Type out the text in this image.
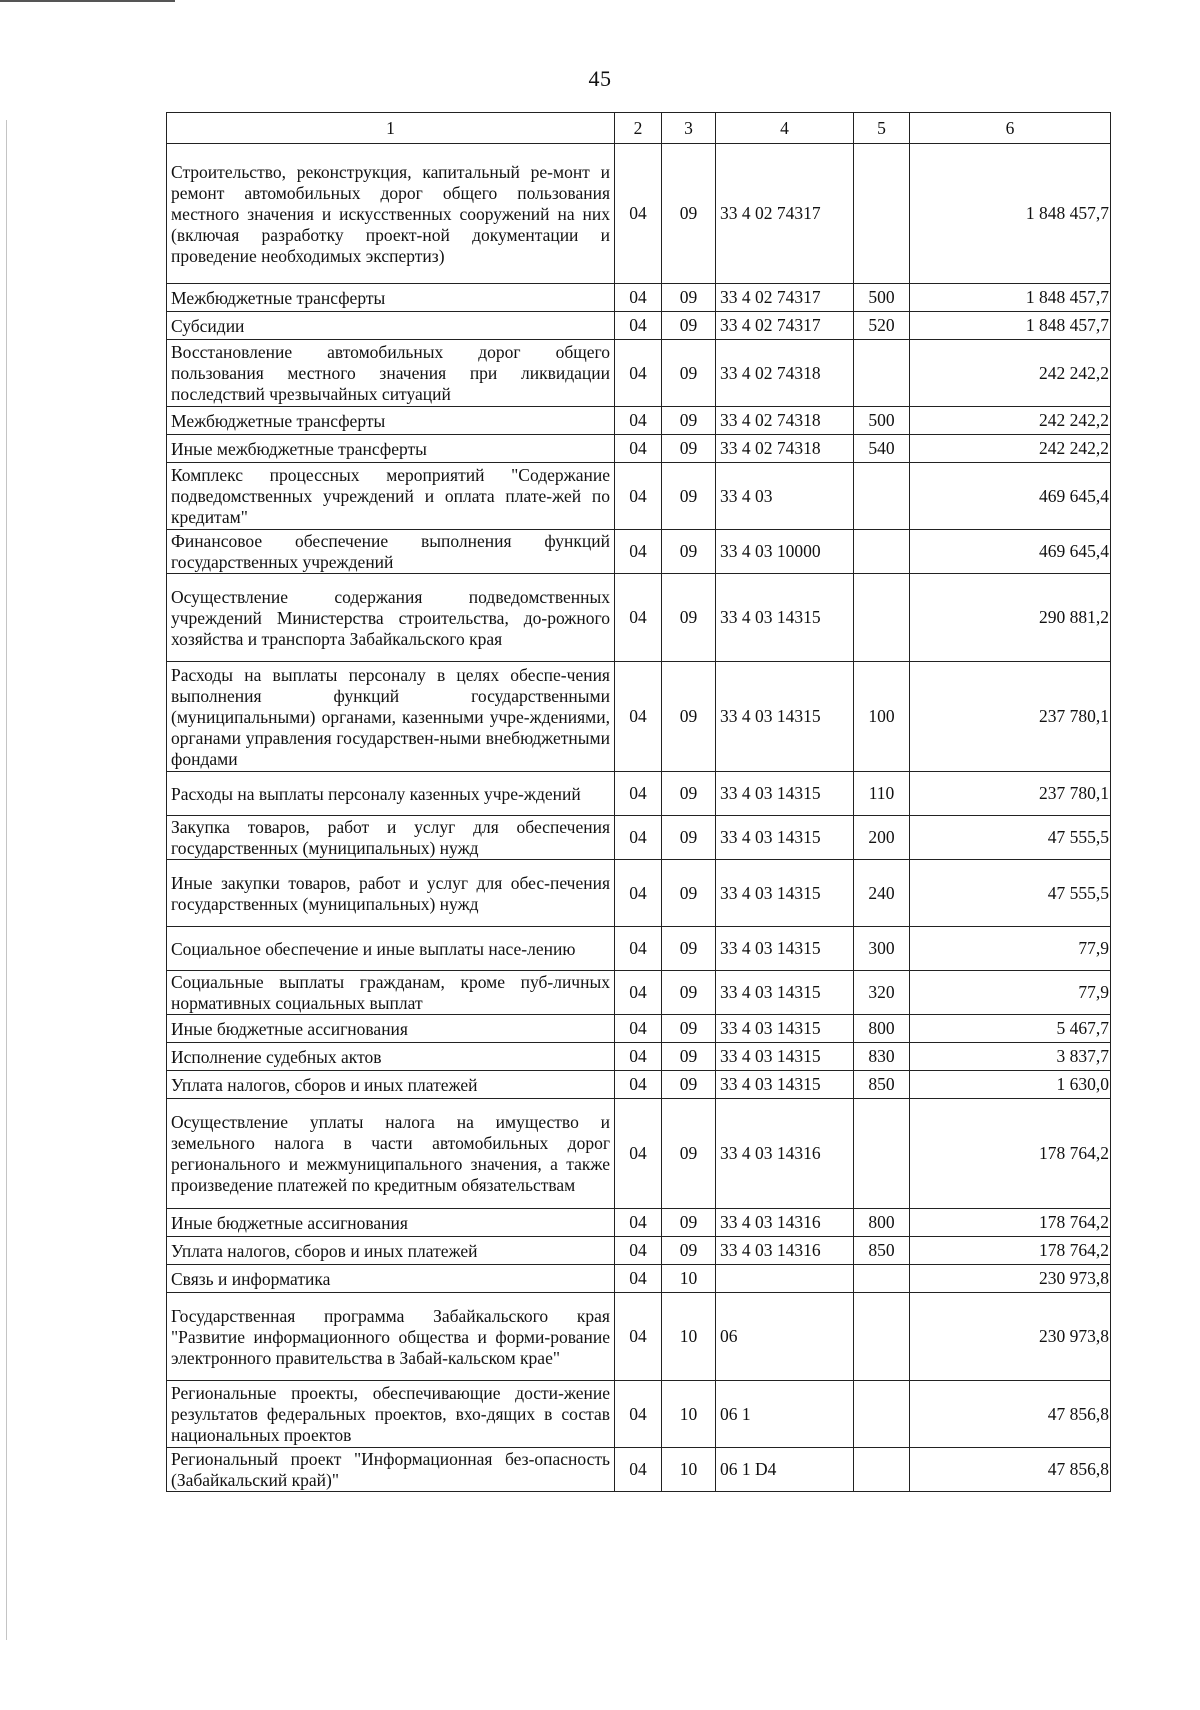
45
1	2	3	4	5	6
Строительство, реконструкция, капитальный ре-монт и ремонт автомобильных дорог общего пользования местного значения и искусственных сооружений на них (включая разработку проект-ной документации и проведение необходимых экспертиз)	04	09	33 4 02 74317		1 848 457,7
Межбюджетные трансферты	04	09	33 4 02 74317	500	1 848 457,7
Субсидии	04	09	33 4 02 74317	520	1 848 457,7
Восстановление автомобильных дорог общего пользования местного значения при ликвидации последствий чрезвычайных ситуаций	04	09	33 4 02 74318		242 242,2
Межбюджетные трансферты	04	09	33 4 02 74318	500	242 242,2
Иные межбюджетные трансферты	04	09	33 4 02 74318	540	242 242,2
Комплекс процессных мероприятий "Содержание подведомственных учреждений и оплата плате-жей по кредитам"	04	09	33 4 03		469 645,4
Финансовое обеспечение выполнения функций государственных учреждений	04	09	33 4 03 10000		469 645,4
Осуществление содержания подведомственных учреждений Министерства строительства, до-рожного хозяйства и транспорта Забайкальского края	04	09	33 4 03 14315		290 881,2
Расходы на выплаты персоналу в целях обеспе-чения выполнения функций государственными (муниципальными) органами, казенными учре-ждениями, органами управления государствен-ными внебюджетными фондами	04	09	33 4 03 14315	100	237 780,1
Расходы на выплаты персоналу казенных учре-ждений	04	09	33 4 03 14315	110	237 780,1
Закупка товаров, работ и услуг для обеспечения государственных (муниципальных) нужд	04	09	33 4 03 14315	200	47 555,5
Иные закупки товаров, работ и услуг для обес-печения государственных (муниципальных) нужд	04	09	33 4 03 14315	240	47 555,5
Социальное обеспечение и иные выплаты насе-лению	04	09	33 4 03 14315	300	77,9
Социальные выплаты гражданам, кроме пуб-личных нормативных социальных выплат	04	09	33 4 03 14315	320	77,9
Иные бюджетные ассигнования	04	09	33 4 03 14315	800	5 467,7
Исполнение судебных актов	04	09	33 4 03 14315	830	3 837,7
Уплата налогов, сборов и иных платежей	04	09	33 4 03 14315	850	1 630,0
Осуществление уплаты налога на имущество и земельного налога в части автомобильных дорог регионального и межмуниципального значения, а также произведение платежей по кредитным обязательствам	04	09	33 4 03 14316		178 764,2
Иные бюджетные ассигнования	04	09	33 4 03 14316	800	178 764,2
Уплата налогов, сборов и иных платежей	04	09	33 4 03 14316	850	178 764,2
Связь и информатика	04	10			230 973,8
Государственная программа Забайкальского края "Развитие информационного общества и форми-рование электронного правительства в Забай-кальском крае"	04	10	06		230 973,8
Региональные проекты, обеспечивающие дости-жение результатов федеральных проектов, вхо-дящих в состав национальных проектов	04	10	06 1		47 856,8
Региональный проект "Информационная без-опасность (Забайкальский край)"	04	10	06 1 D4		47 856,8
